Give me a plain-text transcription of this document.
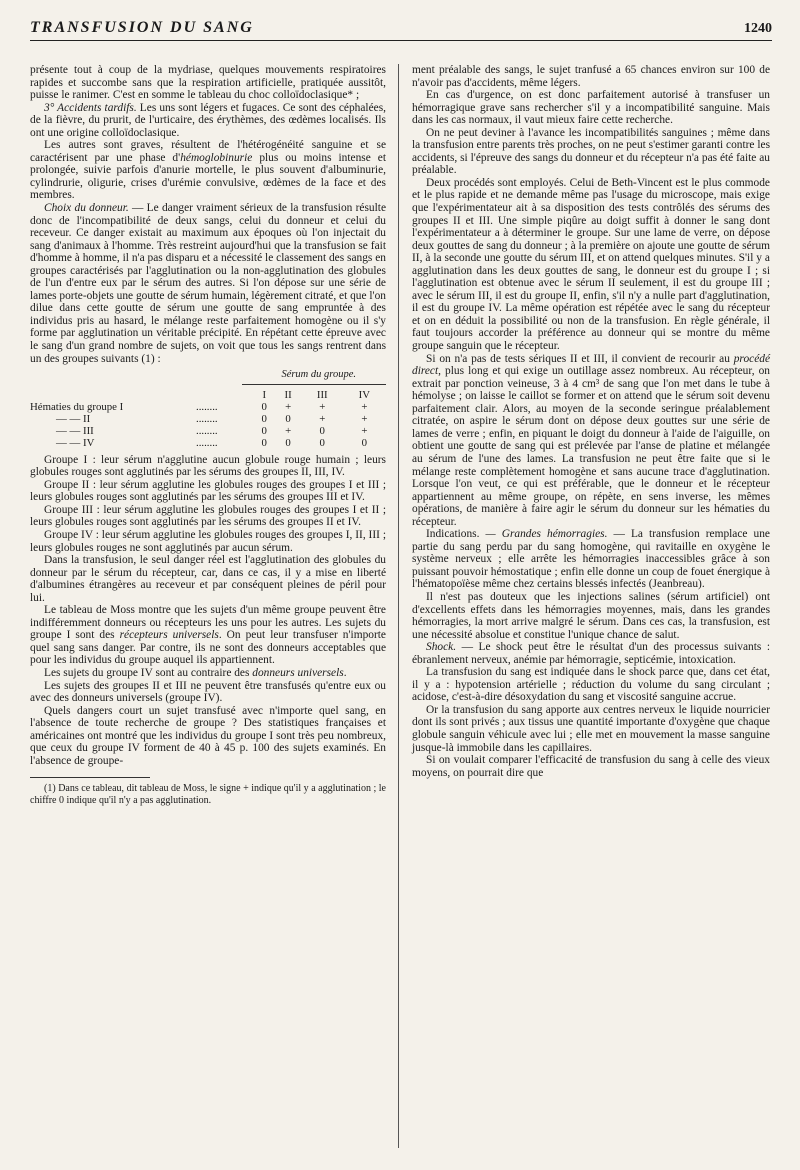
TRANSFUSION DU SANG	1240

présente tout à coup de la mydriase, quelques mouvements respiratoires rapides et succombe sans que la respiration artificielle, pratiquée aussitôt, puisse le ranimer. C'est en somme le tableau du choc colloïdoclasique* ;

3° Accidents tardifs. Les uns sont légers et fugaces. Ce sont des céphalées, de la fièvre, du prurit, de l'urticaire, des érythèmes, des œdèmes localisés. Ils ont une origine colloïdoclasique.

Les autres sont graves, résultent de l'hétérogénéité sanguine et se caractérisent par une phase d'hémoglobinurie plus ou moins intense et prolongée, suivie parfois d'anurie mortelle, le plus souvent d'albuminurie, cylindrurie, oligurie, crises d'urémie convulsive, œdèmes de la face et des membres.

Choix du donneur. — Le danger vraiment sérieux de la transfusion résulte donc de l'incompatibilité de deux sangs, celui du donneur et celui du receveur. Ce danger existait au maximum aux époques où l'on injectait du sang d'animaux à l'homme. Très restreint aujourd'hui que la transfusion se fait d'homme à homme, il n'a pas disparu et a nécessité le classement des sangs en groupes caractérisés par l'agglutination ou la non-agglutination des globules de l'un d'entre eux par le sérum des autres. Si l'on dépose sur une série de lames porte-objets une goutte de sérum humain, légèrement citraté, et que l'on dilue dans cette goutte de sérum une goutte de sang empruntée à des individus pris au hasard, le mélange reste parfaitement homogène ou il s'y forme par agglutination un véritable précipité. En répétant cette épreuve avec le sang d'un grand nombre de sujets, on voit que tous les sangs rentrent dans un des groupes suivants (1) :

Sérum du groupe.
		I	II	III	IV
Hématies du groupe I	........	0	+	+	+
— — II	........	0	0	+	+
— — III	........	0	+	0	+
— — IV	........	0	0	0	0

Groupe I : leur sérum n'agglutine aucun globule rouge humain ; leurs globules rouges sont agglutinés par les sérums des groupes II, III, IV.

Groupe II : leur sérum agglutine les globules rouges des groupes I et III ; leurs globules rouges sont agglutinés par les sérums des groupes III et IV.

Groupe III : leur sérum agglutine les globules rouges des groupes I et II ; leurs globules rouges sont agglutinés par les sérums des groupes II et IV.

Groupe IV : leur sérum agglutine les globules rouges des groupes I, II, III ; leurs globules rouges ne sont agglutinés par aucun sérum.

Dans la transfusion, le seul danger réel est l'agglutination des globules du donneur par le sérum du récepteur, car, dans ce cas, il y a mise en liberté d'albumines étrangères au receveur et par conséquent pleines de péril pour lui.

Le tableau de Moss montre que les sujets d'un même groupe peuvent être indifféremment donneurs ou récepteurs les uns pour les autres. Les sujets du groupe I sont des récepteurs universels. On peut leur transfuser n'importe quel sang sans danger. Par contre, ils ne sont des donneurs acceptables que pour les individus du groupe auquel ils appartiennent.

Les sujets du groupe IV sont au contraire des donneurs universels.

Les sujets des groupes II et III ne peuvent être transfusés qu'entre eux ou avec des donneurs universels (groupe IV).

Quels dangers court un sujet transfusé avec n'importe quel sang, en l'absence de toute recherche de groupe ? Des statistiques françaises et américaines ont montré que les individus du groupe I sont très peu nombreux, que ceux du groupe IV forment de 40 à 45 p. 100 des sujets examinés. En l'absence de groupe-

(1) Dans ce tableau, dit tableau de Moss, le signe + indique qu'il y a agglutination ; le chiffre 0 indique qu'il n'y a pas agglutination.

ment préalable des sangs, le sujet tranfusé a 65 chances environ sur 100 de n'avoir pas d'accidents, même légers.

En cas d'urgence, on est donc parfaitement autorisé à transfuser un hémorragique grave sans rechercher s'il y a incompatibilité sanguine. Mais dans les cas normaux, il vaut mieux faire cette recherche.

On ne peut deviner à l'avance les incompatibilités sanguines ; même dans la transfusion entre parents très proches, on ne peut s'estimer garanti contre les accidents, si l'épreuve des sangs du donneur et du récepteur n'a pas été faite au préalable.

Deux procédés sont employés. Celui de Beth-Vincent est le plus commode et le plus rapide et ne demande même pas l'usage du microscope, mais exige que l'expérimentateur ait à sa disposition des tests contrôlés des sérums des groupes II et III. Une simple piqûre au doigt suffit à donner le sang dont l'expérimentateur a à déterminer le groupe. Sur une lame de verre, on dépose deux gouttes de sang du donneur ; à la première on ajoute une goutte de sérum II, à la seconde une goutte du sérum III, et on attend quelques minutes. S'il y a agglutination dans les deux gouttes de sang, le donneur est du groupe I ; si l'agglutination est obtenue avec le sérum II seulement, il est du groupe III ; avec le sérum III, il est du groupe II, enfin, s'il n'y a nulle part d'agglutination, il est du groupe IV. La même opération est répétée avec le sang du récepteur et on en déduit la possibilité ou non de la transfusion. En règle générale, il faut toujours accorder la préférence au donneur qui se montre du même groupe sanguin que le récepteur.

Si on n'a pas de tests sériques II et III, il convient de recourir au procédé direct, plus long et qui exige un outillage assez nombreux. Au récepteur, on extrait par ponction veineuse, 3 à 4 cm³ de sang que l'on met dans le tube à hémolyse ; on laisse le caillot se former et on attend que le sérum soit devenu parfaitement clair. Alors, au moyen de la seconde seringue préalablement citratée, on aspire le sérum dont on dépose deux gouttes sur une série de lames de verre ; enfin, en piquant le doigt du donneur à l'aide de l'aiguille, on obtient une goutte de sang qui est prélevée par l'anse de platine et mélangée au sérum de l'une des lames. La transfusion ne peut être faite que si le mélange reste complètement homogène et sans aucune trace d'agglutination. Lorsque l'on veut, ce qui est préférable, que le donneur et le récepteur appartiennent au même groupe, on répète, en sens inverse, les mêmes opérations, de manière à faire agir le sérum du donneur sur les hématies du récepteur.

Indications. — Grandes hémorragies. — La transfusion remplace une partie du sang perdu par du sang homogène, qui ravitaille en oxygène le système nerveux ; elle arrête les hémorragies inaccessibles grâce à son puissant pouvoir hémostatique ; enfin elle donne un coup de fouet énergique à l'hématopoïèse même chez certains blessés infectés (Jeanbreau).

Il n'est pas douteux que les injections salines (sérum artificiel) ont d'excellents effets dans les hémorragies moyennes, mais, dans les grandes hémorragies, la mort arrive malgré le sérum. Dans ces cas, la transfusion, est une nécessité absolue et constitue l'unique chance de salut.

Shock. — Le shock peut être le résultat d'un des processus suivants : ébranlement nerveux, anémie par hémorragie, septicémie, intoxication.

La transfusion du sang est indiquée dans le shock parce que, dans cet état, il y a : hypotension artérielle ; réduction du volume du sang circulant ; acidose, c'est-à-dire désoxydation du sang et viscosité sanguine accrue.

Or la transfusion du sang apporte aux centres nerveux le liquide nourricier dont ils sont privés ; aux tissus une quantité importante d'oxygène que chaque globule sanguin véhicule avec lui ; elle met en mouvement la masse sanguine jusque-là immobile dans les capillaires.

Si on voulait comparer l'efficacité de transfusion du sang à celle des vieux moyens, on pourrait dire que
